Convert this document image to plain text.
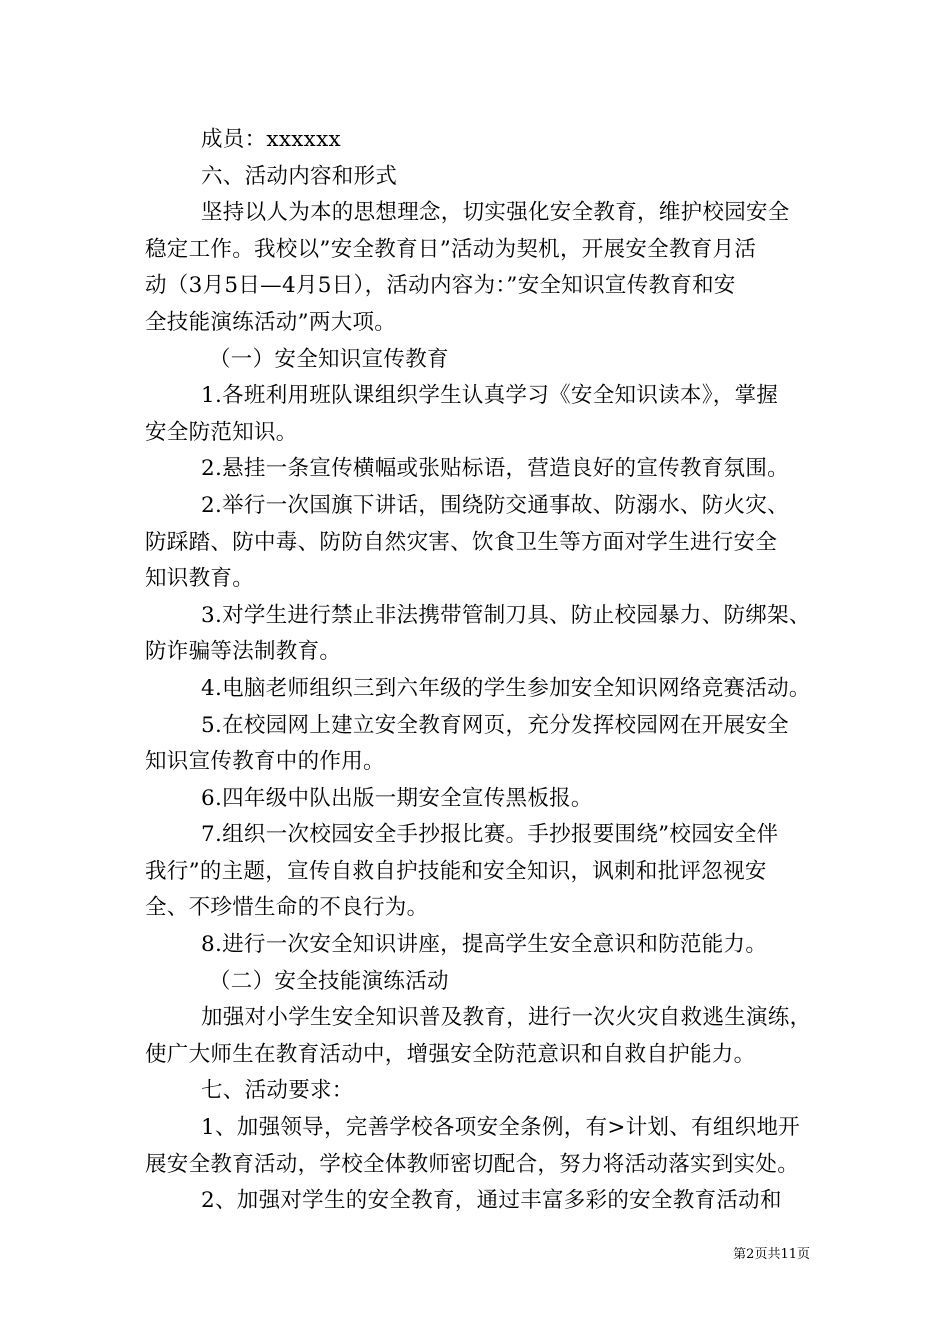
成员：xxxxxx
六、活动内容和形式
坚持以人为本的思想理念，切实强化安全教育，维护校园安全
稳定工作。我校以”安全教育日”活动为契机，开展安全教育月活
动（3月5日—4月5日），活动内容为：”安全知识宣传教育和安
全技能演练活动”两大项。
（一）安全知识宣传教育
1.各班利用班队课组织学生认真学习《安全知识读本》，掌握
安全防范知识。
2.悬挂一条宣传横幅或张贴标语，营造良好的宣传教育氛围。
2.举行一次国旗下讲话，围绕防交通事故、防溺水、防火灾、
防踩踏、防中毒、防防自然灾害、饮食卫生等方面对学生进行安全
知识教育。
3.对学生进行禁止非法携带管制刀具、防止校园暴力、防绑架、
防诈骗等法制教育。
4.电脑老师组织三到六年级的学生参加安全知识网络竞赛活动。
5.在校园网上建立安全教育网页，充分发挥校园网在开展安全
知识宣传教育中的作用。
6.四年级中队出版一期安全宣传黑板报。
7.组织一次校园安全手抄报比赛。手抄报要围绕”校园安全伴
我行”的主题，宣传自救自护技能和安全知识，讽刺和批评忽视安
全、不珍惜生命的不良行为。
8.进行一次安全知识讲座，提高学生安全意识和防范能力。
（二）安全技能演练活动
加强对小学生安全知识普及教育，进行一次火灾自救逃生演练，
使广大师生在教育活动中，增强安全防范意识和自救自护能力。
七、活动要求：
1、加强领导，完善学校各项安全条例，有>计划、有组织地开
展安全教育活动，学校全体教师密切配合，努力将活动落实到实处。
2、加强对学生的安全教育，通过丰富多彩的安全教育活动和
第2页共11页
